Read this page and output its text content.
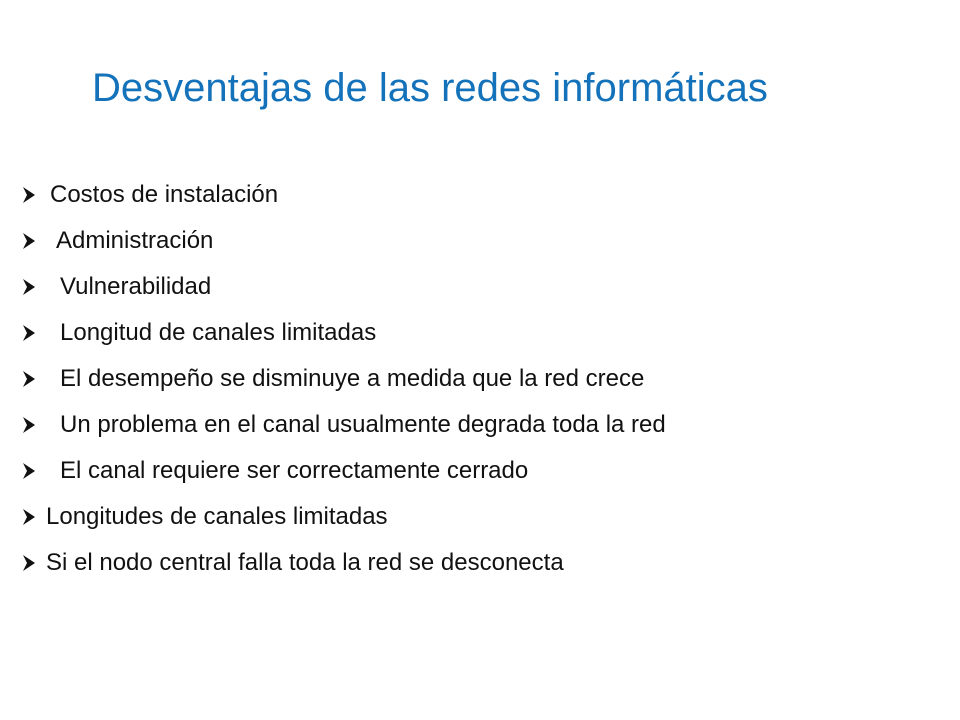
Desventajas de las redes informáticas
Costos de instalación
Administración
Vulnerabilidad
Longitud de canales limitadas
El desempeño se disminuye a medida que la red crece
Un problema en el canal usualmente degrada toda la red
El canal requiere ser correctamente cerrado
Longitudes de canales limitadas
Si el nodo central falla toda la red se desconecta
